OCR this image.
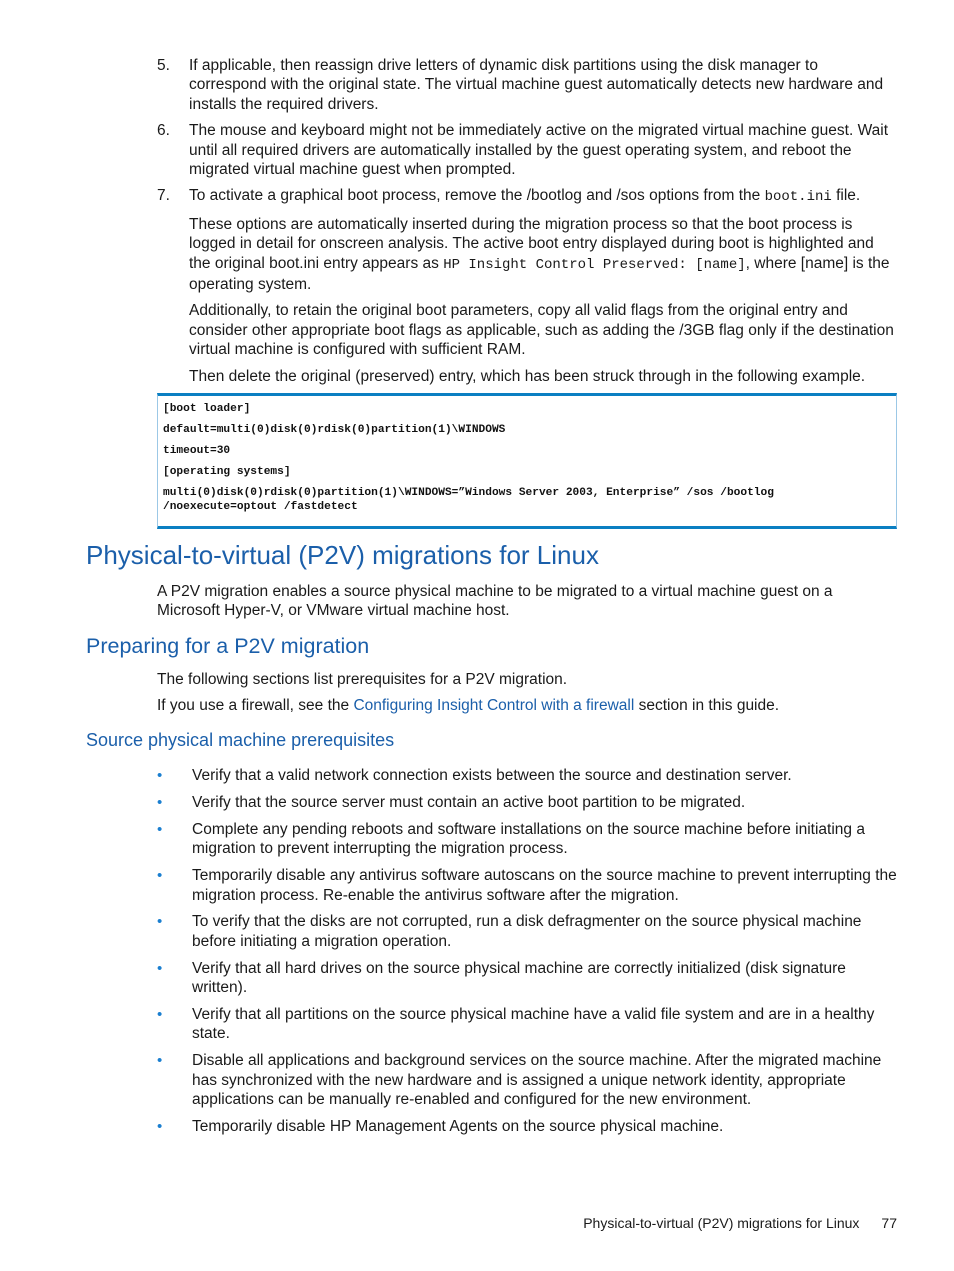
5. If applicable, then reassign drive letters of dynamic disk partitions using the disk manager to correspond with the original state. The virtual machine guest automatically detects new hardware and installs the required drivers.

6. The mouse and keyboard might not be immediately active on the migrated virtual machine guest. Wait until all required drivers are automatically installed by the guest operating system, and reboot the migrated virtual machine guest when prompted.

7. To activate a graphical boot process, remove the /bootlog and /sos options from the boot.ini file.

These options are automatically inserted during the migration process so that the boot process is logged in detail for onscreen analysis. The active boot entry displayed during boot is highlighted and the original boot.ini entry appears as HP Insight Control Preserved: [name], where [name] is the operating system.

Additionally, to retain the original boot parameters, copy all valid flags from the original entry and consider other appropriate boot flags as applicable, such as adding the /3GB flag only if the destination virtual machine is configured with sufficient RAM.

Then delete the original (preserved) entry, which has been struck through in the following example.

[boot loader]
default=multi(0)disk(0)rdisk(0)partition(1)\WINDOWS
timeout=30
[operating systems]
multi(0)disk(0)rdisk(0)partition(1)\WINDOWS=”Windows Server 2003, Enterprise” /sos /bootlog
/noexecute=optout /fastdetect
Physical-to-virtual (P2V) migrations for Linux

A P2V migration enables a source physical machine to be migrated to a virtual machine guest on a Microsoft Hyper-V, or VMware virtual machine host.

Preparing for a P2V migration

The following sections list prerequisites for a P2V migration.

If you use a firewall, see the Configuring Insight Control with a firewall section in this guide.

Source physical machine prerequisites
• Verify that a valid network connection exists between the source and destination server.
• Verify that the source server must contain an active boot partition to be migrated.
• Complete any pending reboots and software installations on the source machine before initiating a migration to prevent interrupting the migration process.
• Temporarily disable any antivirus software autoscans on the source machine to prevent interrupting the migration process. Re-enable the antivirus software after the migration.
• To verify that the disks are not corrupted, run a disk defragmenter on the source physical machine before initiating a migration operation.
• Verify that all hard drives on the source physical machine are correctly initialized (disk signature written).
• Verify that all partitions on the source physical machine have a valid file system and are in a healthy state.
• Disable all applications and background services on the source machine. After the migrated machine has synchronized with the new hardware and is assigned a unique network identity, appropriate applications can be manually re-enabled and configured for the new environment.
• Temporarily disable HP Management Agents on the source physical machine.
Physical-to-virtual (P2V) migrations for Linux 77
